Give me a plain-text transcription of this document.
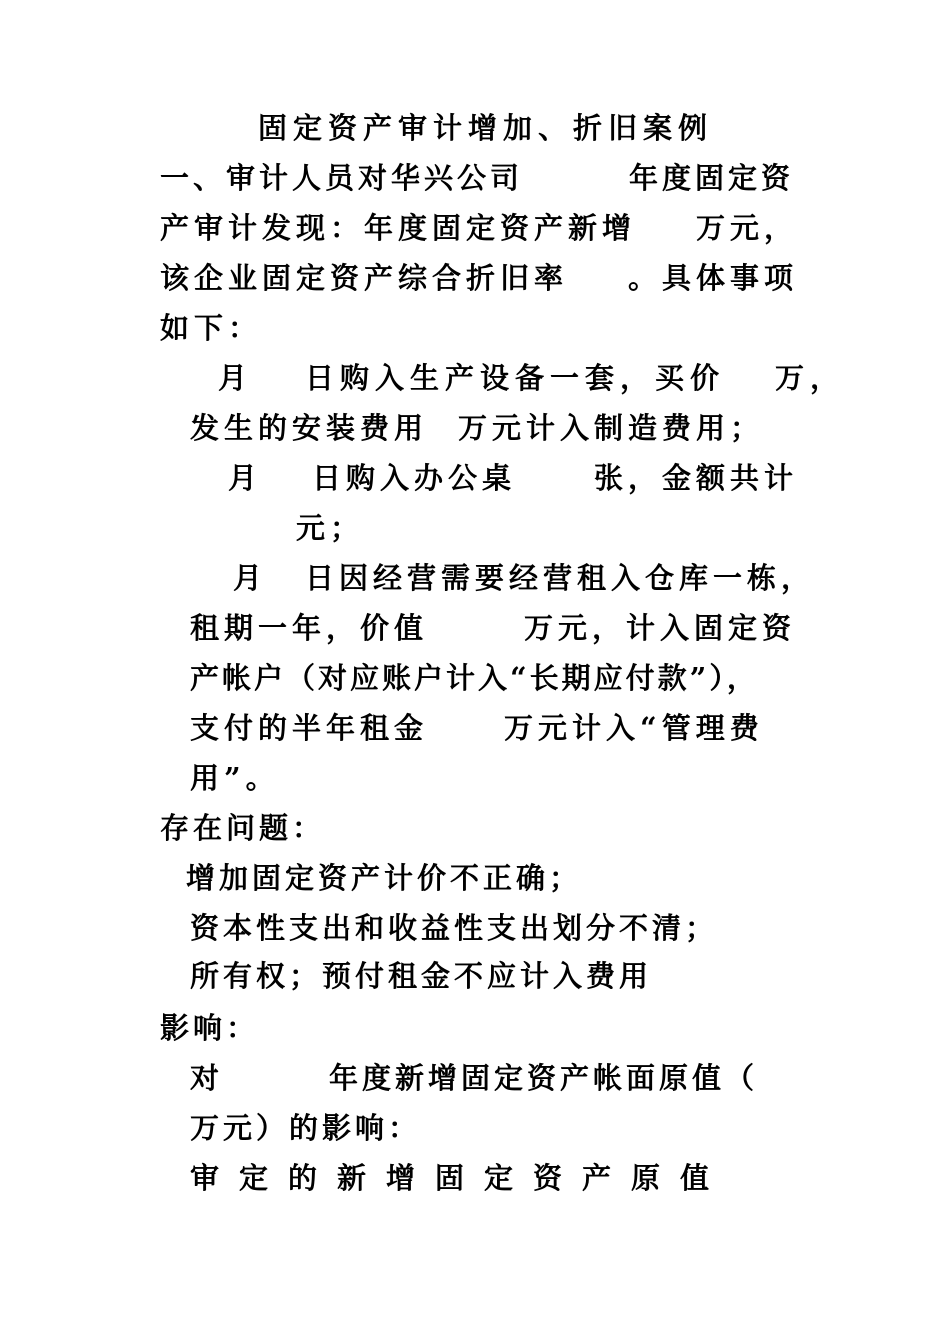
固定资产审计增加、折旧案例
一、审计人员对华兴公司	年度固定资
产审计发现：年度固定资产新增 万元，
该企业固定资产综合折旧率 。具体事项
如下：
月 日购入生产设备一套，买价 万，
发生的安装费用 万元计入制造费用；
月 日购入办公桌	张，金额共计
元；
月 日因经营需要经营租入仓库一栋，
租期一年，价值	万元，计入固定资
产帐户（对应账户计入“长期应付款”），
支付的半年租金	万元计入“管理费
用”。
存在问题：
增加固定资产计价不正确；
资本性支出和收益性支出划分不清；
所有权；预付租金不应计入费用
影响：
对	年度新增固定资产帐面原值（
万元）的影响：
审定的新增固定资产原值
